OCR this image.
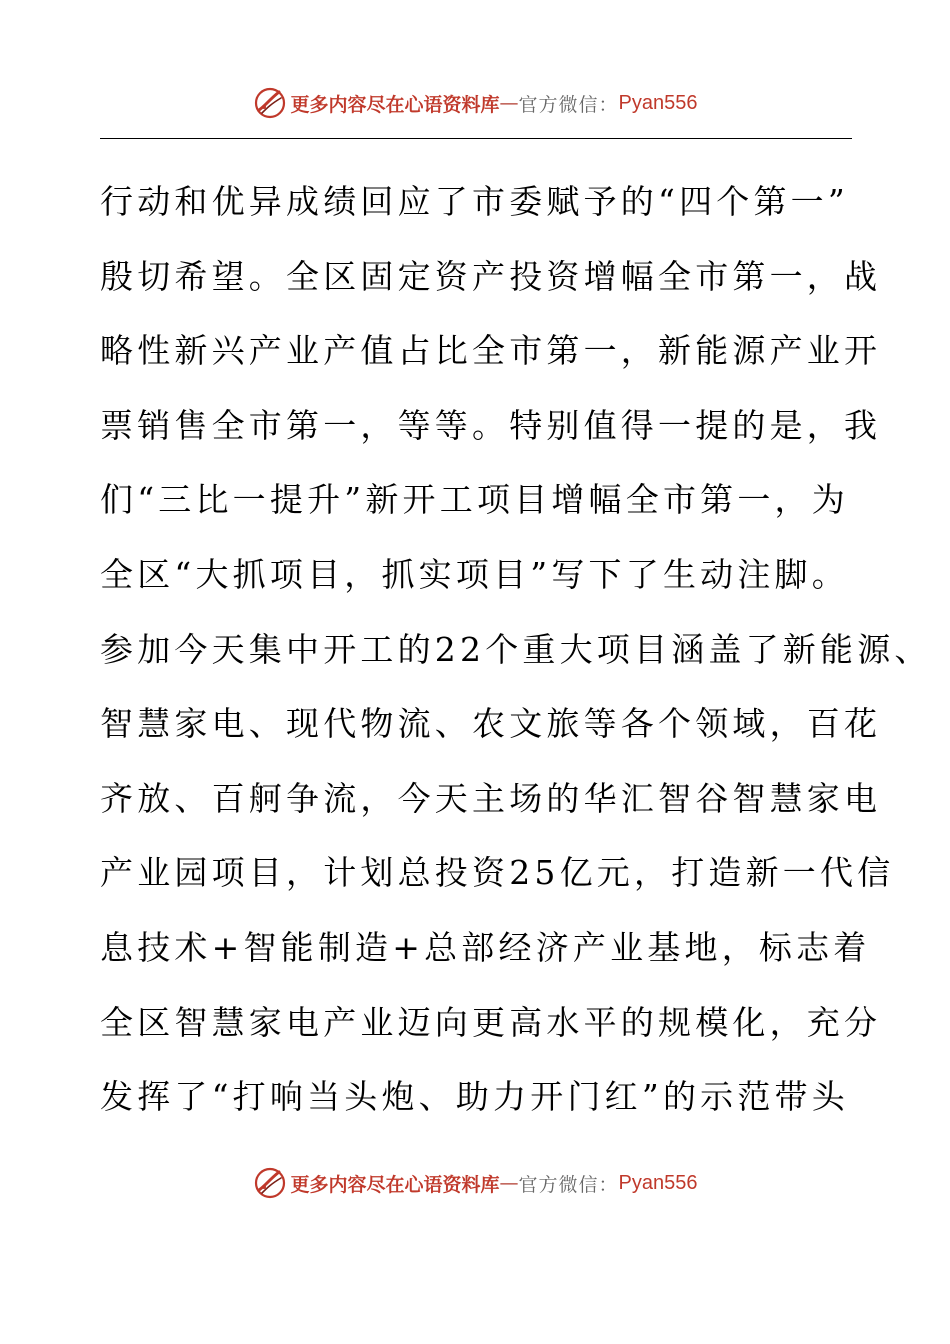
更多内容尽在心语资料库 — 官方微信： Pyan556
行动和优异成绩回应了市委赋予的“四个第一”
殷切希望。全区固定资产投资增幅全市第一，战
略性新兴产业产值占比全市第一，新能源产业开
票销售全市第一，等等。特别值得一提的是，我
们“三比一提升”新开工项目增幅全市第一，为
全区“大抓项目，抓实项目”写下了生动注脚。
参加今天集中开工的22个重大项目涵盖了新能源、
智慧家电、现代物流、农文旅等各个领域，百花
齐放、百舸争流，今天主场的华汇智谷智慧家电
产业园项目，计划总投资25亿元，打造新一代信
息技术+智能制造+总部经济产业基地，标志着
全区智慧家电产业迈向更高水平的规模化，充分
发挥了“打响当头炮、助力开门红”的示范带头
更多内容尽在心语资料库 — 官方微信： Pyan556
